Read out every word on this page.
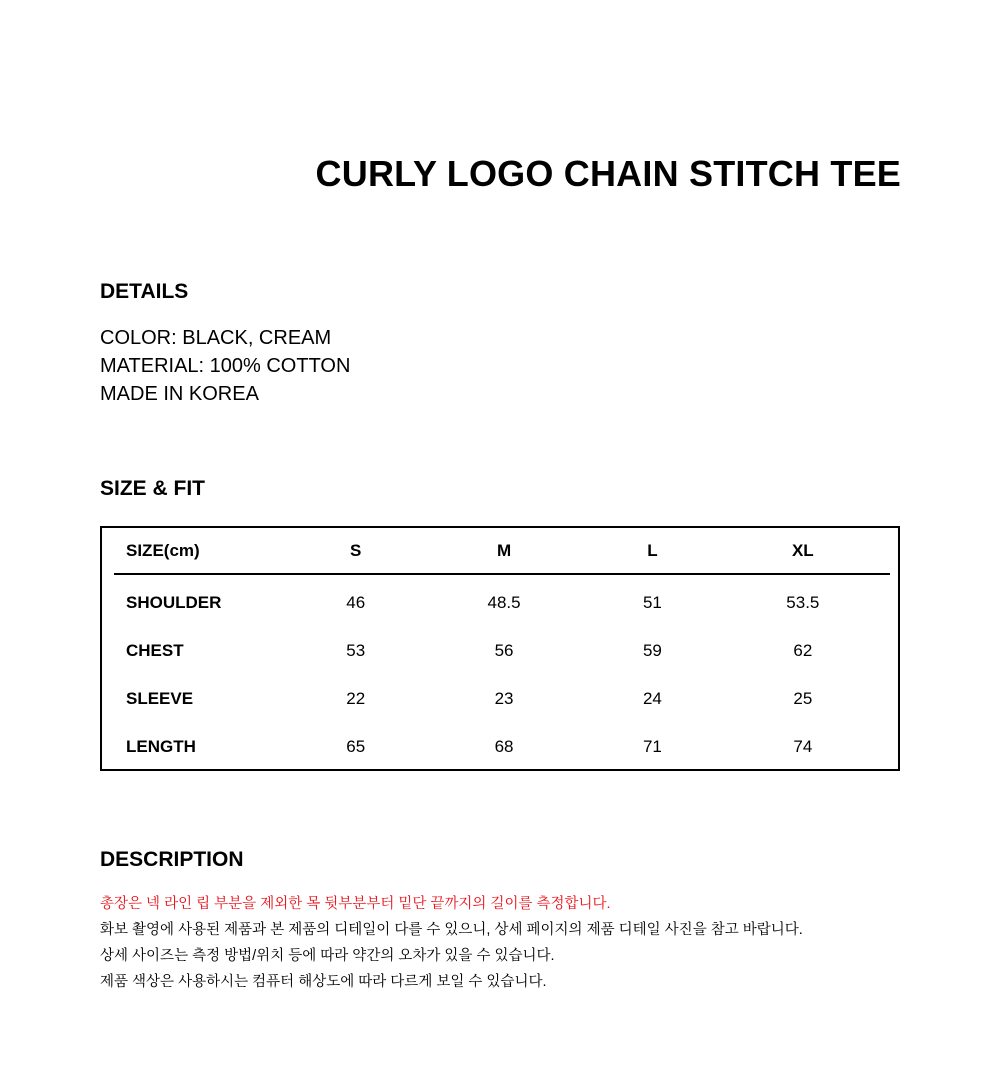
CURLY LOGO CHAIN STITCH TEE
DETAILS
COLOR: BLACK, CREAM
MATERIAL: 100% COTTON
MADE IN KOREA
SIZE & FIT
SIZE(cm)	S	M	L	XL
SHOULDER	46	48.5	51	53.5
CHEST	53	56	59	62
SLEEVE	22	23	24	25
LENGTH	65	68	71	74
DESCRIPTION
총장은 넥 라인 립 부분을 제외한 목 뒷부분부터 밑단 끝까지의 길이를 측정합니다.
화보 촬영에 사용된 제품과 본 제품의 디테일이 다를 수 있으니, 상세 페이지의 제품 디테일 사진을 참고 바랍니다.
상세 사이즈는 측정 방법/위치 등에 따라 약간의 오차가 있을 수 있습니다.
제품 색상은 사용하시는 컴퓨터 해상도에 따라 다르게 보일 수 있습니다.
